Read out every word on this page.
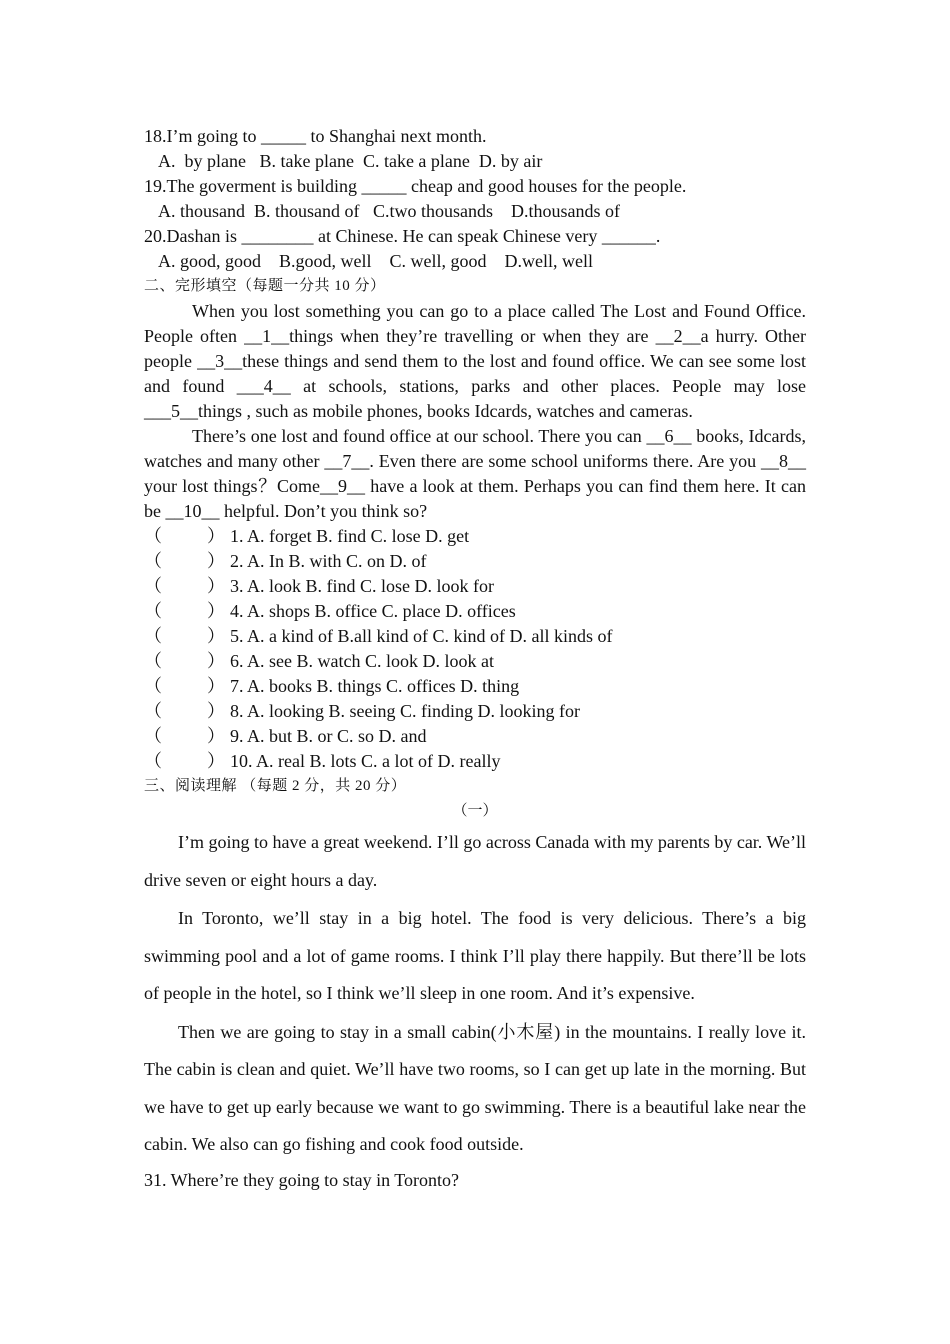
18.I’m going to _____ to Shanghai next month.
A.  by plane   B. take plane  C. take a plane  D. by air
19.The goverment is building _____ cheap and good houses for the people.
A. thousand  B. thousand of   C.two thousands    D.thousands of
20.Dashan is ________ at Chinese. He can speak Chinese very ______.
A. good, good    B.good, well    C. well, good    D.well, well
二、完形填空（每题一分共 10 分）
When you lost something you can go to a place called The Lost and Found Office. People often __1__things when they’re travelling or when they are __2__a hurry. Other people __3__these things and send them to the lost and found office. We can see some lost and found ___4__ at schools, stations, parks and other places. People may lose ___5__things , such as mobile phones, books Idcards, watches and cameras.
There’s one lost and found office at our school. There you can __6__ books, Idcards, watches and many other __7__. Even there are some school uniforms there. Are you __8__ your lost things？Come__9__ have a look at them. Perhaps you can find them here. It can be __10__ helpful. Don’t you think so?
（          ） 1. A. forget B. find C. lose D. get
（          ） 2. A. In B. with C. on D. of
（          ） 3. A. look B. find C. lose D. look for
（          ） 4. A. shops B. office C. place D. offices
（          ） 5. A. a kind of B.all kind of C. kind of D. all kinds of
（          ） 6. A. see B. watch C. look D. look at
（          ） 7. A. books B. things C. offices D. thing
（          ） 8. A. looking B. seeing C. finding D. looking for
（          ） 9. A. but B. or C. so D. and
（          ） 10. A. real B. lots C. a lot of D. really
三、阅读理解 （每题 2 分，共 20 分）
（一）
I’m going to have a great weekend. I’ll go across Canada with my parents by car. We’ll drive seven or eight hours a day.
In Toronto, we’ll stay in a big hotel. The food is very delicious. There’s a big swimming pool and a lot of game rooms. I think I’ll play there happily. But there’ll be lots of people in the hotel, so I think we’ll sleep in one room. And it’s expensive.
Then we are going to stay in a small cabin(小木屋) in the mountains. I really love it. The cabin is clean and quiet. We’ll have two rooms, so I can get up late in the morning. But we have to get up early because we want to go swimming. There is a beautiful lake near the cabin. We also can go fishing and cook food outside.
31. Where’re they going to stay in Toronto?
